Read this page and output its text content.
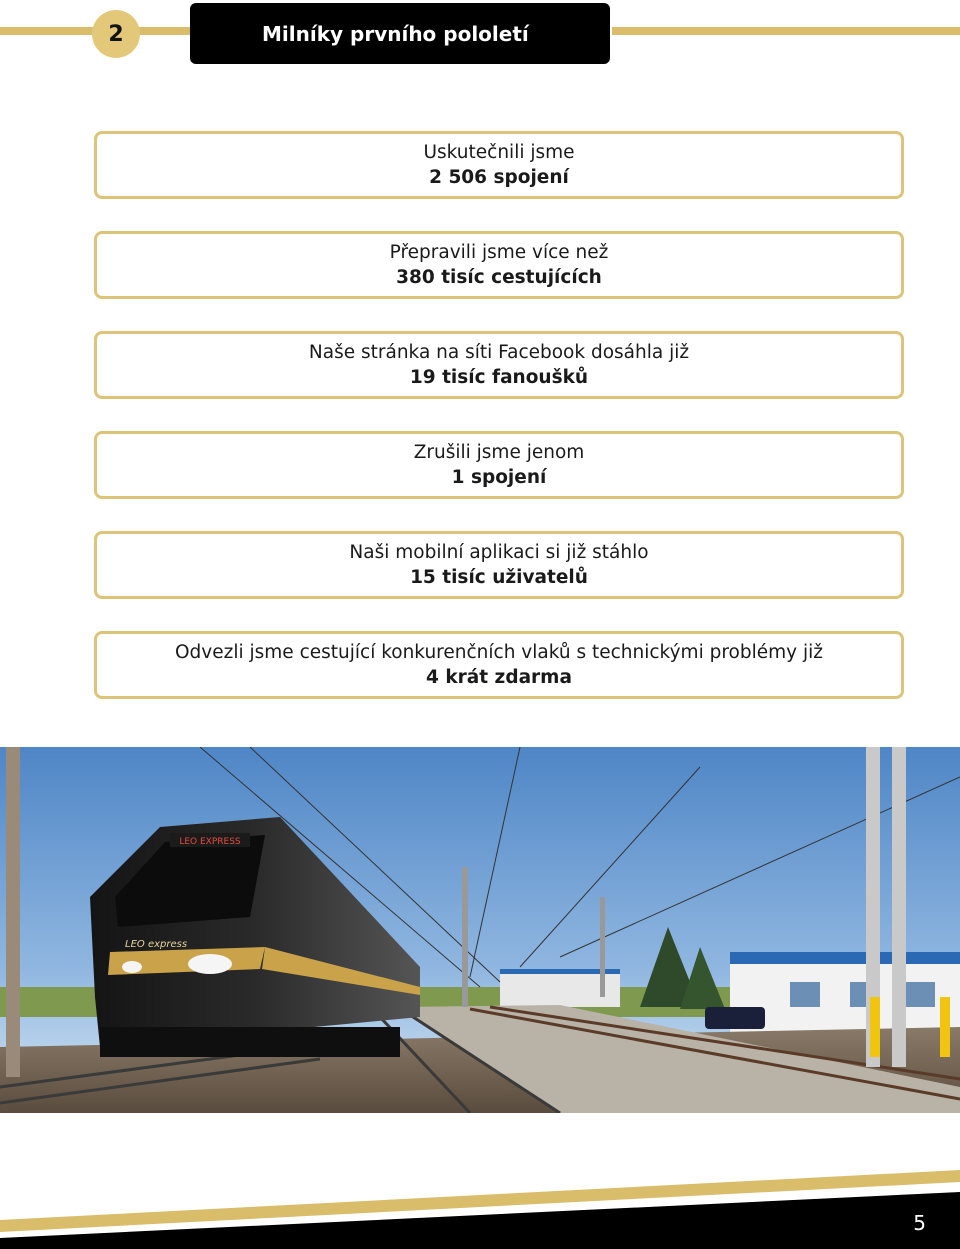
Milníky prvního pololetí
2
Uskutečnili jsme
2 506 spojení
Přepravili jsme více než
380 tisíc cestujících
Naše stránka na síti Facebook dosáhla již
19 tisíc fanoušků
Zrušili jsme jenom
1 spojení
Naši mobilní aplikaci si již stáhlo
15 tisíc uživatelů
Odvezli jsme cestující konkurenčních vlaků s technickými problémy již
4 krát zdarma
LEO EXPRESS
LEO express
5
